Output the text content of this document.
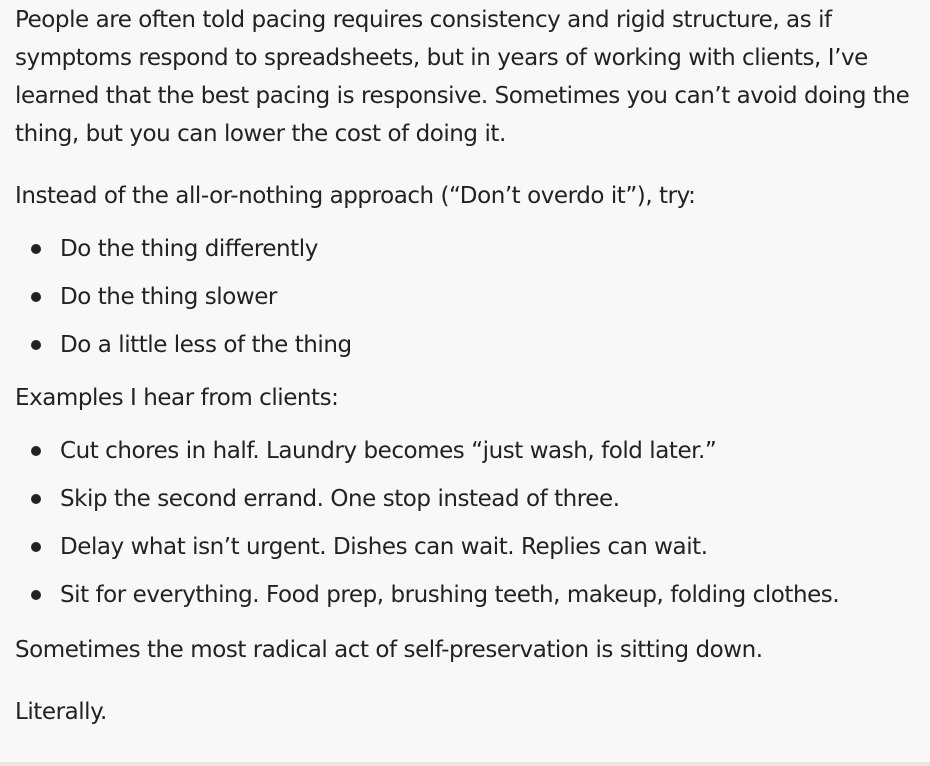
People are often told pacing requires consistency and rigid structure, as if symptoms respond to spreadsheets, but in years of working with clients, I’ve learned that the best pacing is responsive. Sometimes you can’t avoid doing the thing, but you can lower the cost of doing it.

Instead of the all-or-nothing approach (“Don’t overdo it”), try:

Do the thing differently
Do the thing slower
Do a little less of the thing

Examples I hear from clients:

Cut chores in half. Laundry becomes “just wash, fold later.”
Skip the second errand. One stop instead of three.
Delay what isn’t urgent. Dishes can wait. Replies can wait.
Sit for everything. Food prep, brushing teeth, makeup, folding clothes.

Sometimes the most radical act of self-preservation is sitting down.

Literally.
